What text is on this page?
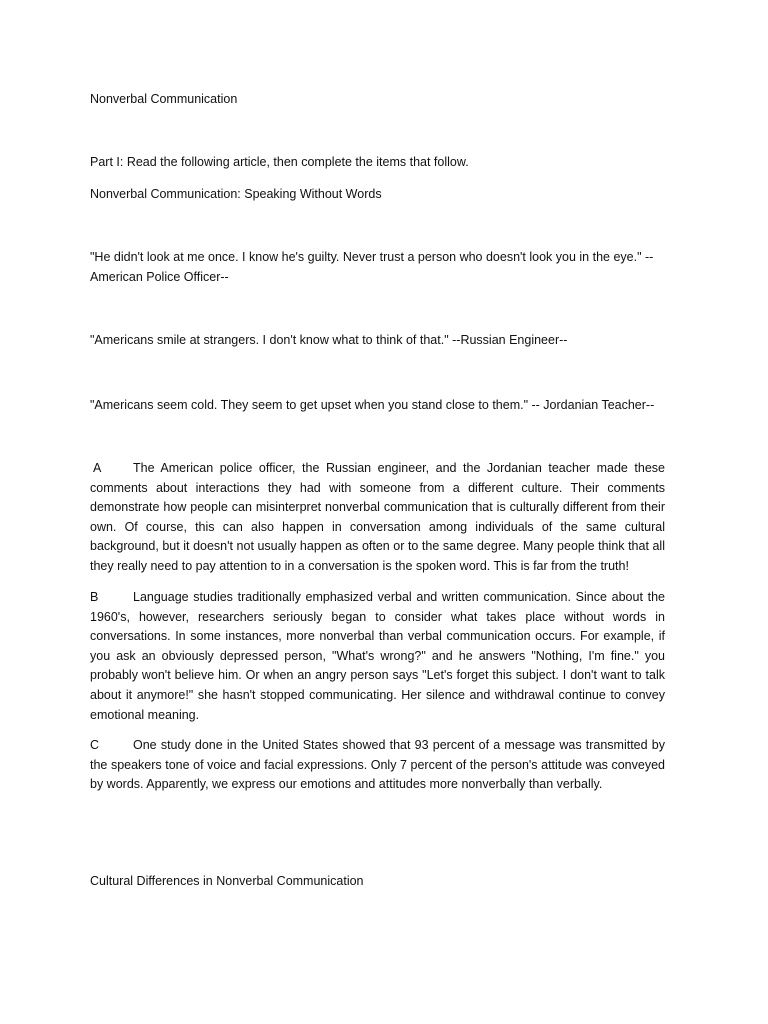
Nonverbal Communication
Part I: Read the following article, then complete the items that follow.
Nonverbal Communication: Speaking Without Words
"He didn't look at me once. I know he's guilty. Never trust a person who doesn't look you in the eye." --American Police Officer--
"Americans smile at strangers. I don't know what to think of that." --Russian Engineer--
"Americans seem cold. They seem to get upset when you stand close to them." -- Jordanian Teacher--
A	The American police officer, the Russian engineer, and the Jordanian teacher made these comments about interactions they had with someone from a different culture. Their comments demonstrate how people can misinterpret nonverbal communication that is culturally different from their own. Of course, this can also happen in conversation among individuals of the same cultural background, but it doesn't not usually happen as often or to the same degree. Many people think that all they really need to pay attention to in a conversation is the spoken word. This is far from the truth!
B	Language studies traditionally emphasized verbal and written communication. Since about the 1960's, however, researchers seriously began to consider what takes place without words in conversations. In some instances, more nonverbal than verbal communication occurs. For example, if you ask an obviously depressed person, "What's wrong?" and he answers "Nothing, I'm fine." you probably won't believe him. Or when an angry person says "Let's forget this subject. I don't want to talk about it anymore!" she hasn't stopped communicating. Her silence and withdrawal continue to convey emotional meaning.
C	One study done in the United States showed that 93 percent of a message was transmitted by the speakers tone of voice and facial expressions. Only 7 percent of the person's attitude was conveyed by words. Apparently, we express our emotions and attitudes more nonverbally than verbally.
Cultural Differences in Nonverbal Communication
